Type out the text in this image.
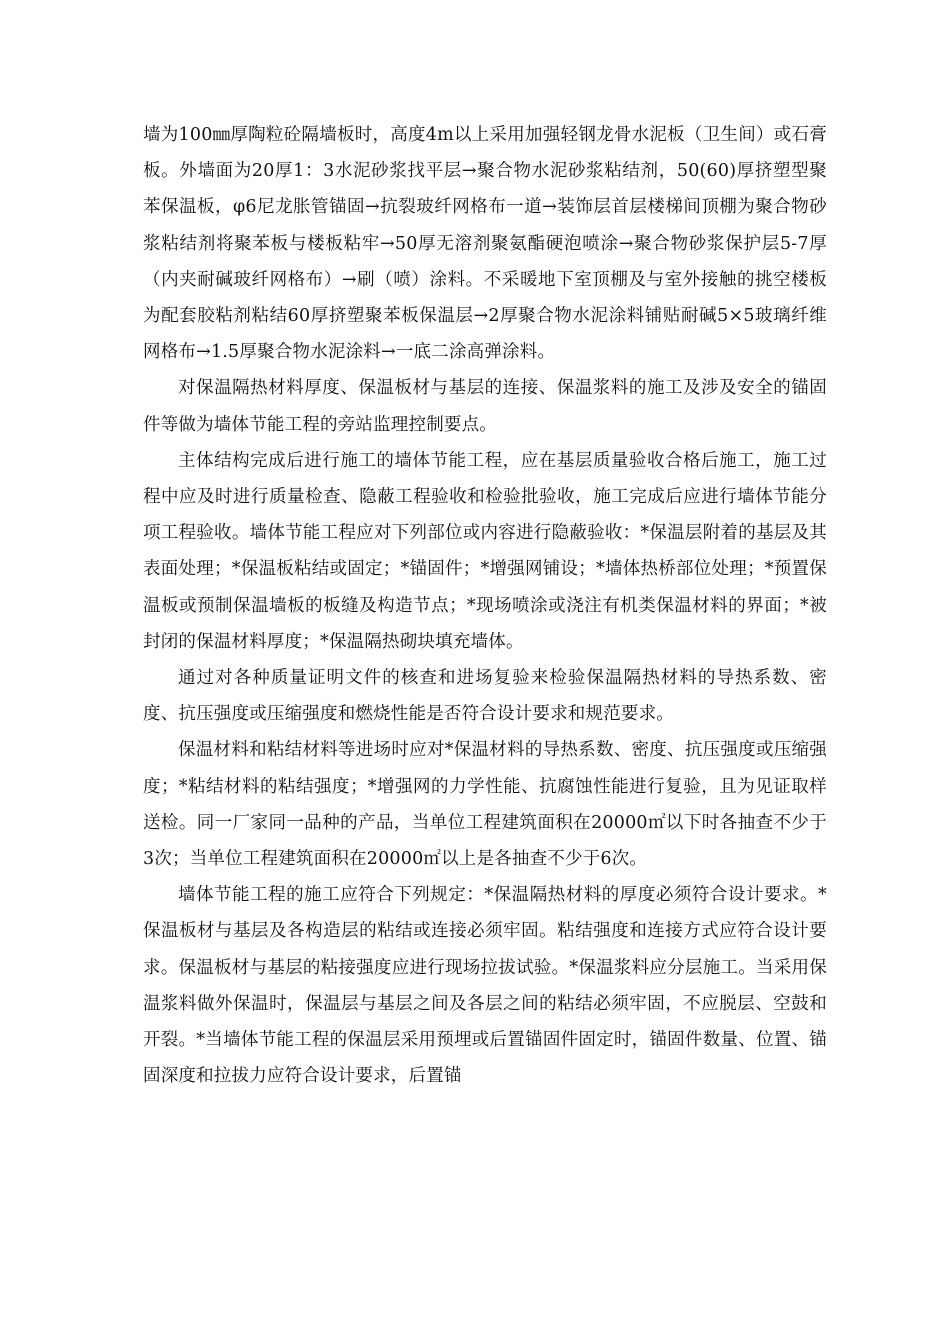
墙为100㎜厚陶粒砼隔墙板时，高度4m以上采用加强轻钢龙骨水泥板（卫生间）或石膏板。外墙面为20厚1：3水泥砂浆找平层→聚合物水泥砂浆粘结剂，50(60)厚挤塑型聚苯保温板，φ6尼龙胀管锚固→抗裂玻纤网格布一道→装饰层首层楼梯间顶棚为聚合物砂浆粘结剂将聚苯板与楼板粘牢→50厚无溶剂聚氨酯硬泡喷涂→聚合物砂浆保护层5-7厚（内夹耐碱玻纤网格布）→刷（喷）涂料。不采暖地下室顶棚及与室外接触的挑空楼板为配套胶粘剂粘结60厚挤塑聚苯板保温层→2厚聚合物水泥涂料铺贴耐碱5×5玻璃纤维网格布→1.5厚聚合物水泥涂料→一底二涂高弹涂料。

对保温隔热材料厚度、保温板材与基层的连接、保温浆料的施工及涉及安全的锚固件等做为墙体节能工程的旁站监理控制要点。

主体结构完成后进行施工的墙体节能工程，应在基层质量验收合格后施工，施工过程中应及时进行质量检查、隐蔽工程验收和检验批验收，施工完成后应进行墙体节能分项工程验收。墙体节能工程应对下列部位或内容进行隐蔽验收：*保温层附着的基层及其表面处理；*保温板粘结或固定；*锚固件；*增强网铺设；*墙体热桥部位处理；*预置保温板或预制保温墙板的板缝及构造节点；*现场喷涂或浇注有机类保温材料的界面；*被封闭的保温材料厚度；*保温隔热砌块填充墙体。

通过对各种质量证明文件的核查和进场复验来检验保温隔热材料的导热系数、密度、抗压强度或压缩强度和燃烧性能是否符合设计要求和规范要求。

保温材料和粘结材料等进场时应对*保温材料的导热系数、密度、抗压强度或压缩强度；*粘结材料的粘结强度；*增强网的力学性能、抗腐蚀性能进行复验，且为见证取样送检。同一厂家同一品种的产品，当单位工程建筑面积在20000㎡以下时各抽查不少于3次；当单位工程建筑面积在20000㎡以上是各抽查不少于6次。

墙体节能工程的施工应符合下列规定：*保温隔热材料的厚度必须符合设计要求。*保温板材与基层及各构造层的粘结或连接必须牢固。粘结强度和连接方式应符合设计要求。保温板材与基层的粘接强度应进行现场拉拔试验。*保温浆料应分层施工。当采用保温浆料做外保温时，保温层与基层之间及各层之间的粘结必须牢固，不应脱层、空鼓和开裂。*当墙体节能工程的保温层采用预埋或后置锚固件固定时，锚固件数量、位置、锚固深度和拉拔力应符合设计要求，后置锚
